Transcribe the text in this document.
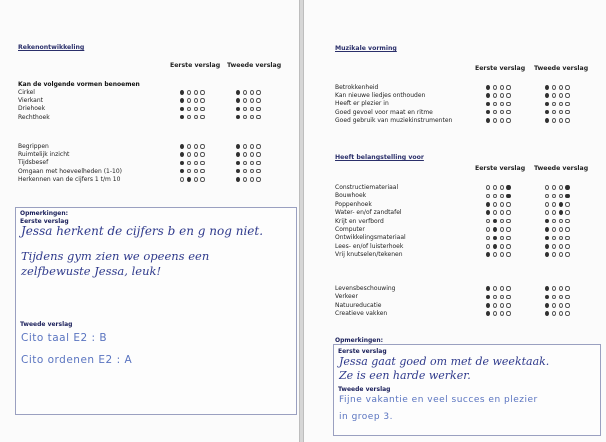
Rekenontwikkeling
Eerste verslag Tweede verslag
Kan de volgende vormen benoemen
Cirkel
Vierkant
Driehoek
Rechthoek
Begrippen
Ruimtelijk inzicht
Tijdsbesef
Omgaan met hoeveelheden (1-10)
Herkennen van de cijfers 1 t/m 10
Opmerkingen:
Eerste verslag
Jessa herkent de cijfers b en g nog niet.
Tijdens gym zien we opeens een
zelfbewuste Jessa, leuk!
Tweede verslag
Cito taal E2 : B
Cito ordenen E2 : A
Muzikale vorming
Eerste verslag Tweede verslag
Betrokkenheid
Kan nieuwe liedjes onthouden
Heeft er plezier in
Goed gevoel voor maat en ritme
Goed gebruik van muziekinstrumenten
Heeft belangstelling voor
Eerste verslag Tweede verslag
Constructiemateriaal
Bouwhoek
Poppenhoek
Water- en/of zandtafel
Krijt en verfbord
Computer
Ontwikkelingsmateriaal
Lees- en/of luisterhoek
Vrij knutselen/tekenen
Levensbeschouwing
Verkeer
Natuureducatie
Creatieve vakken
Opmerkingen:
Eerste verslag
Jessa gaat goed om met de weektaak.
Ze is een harde werker.
Tweede verslag
Fijne vakantie en veel succes en plezier
in groep 3.
